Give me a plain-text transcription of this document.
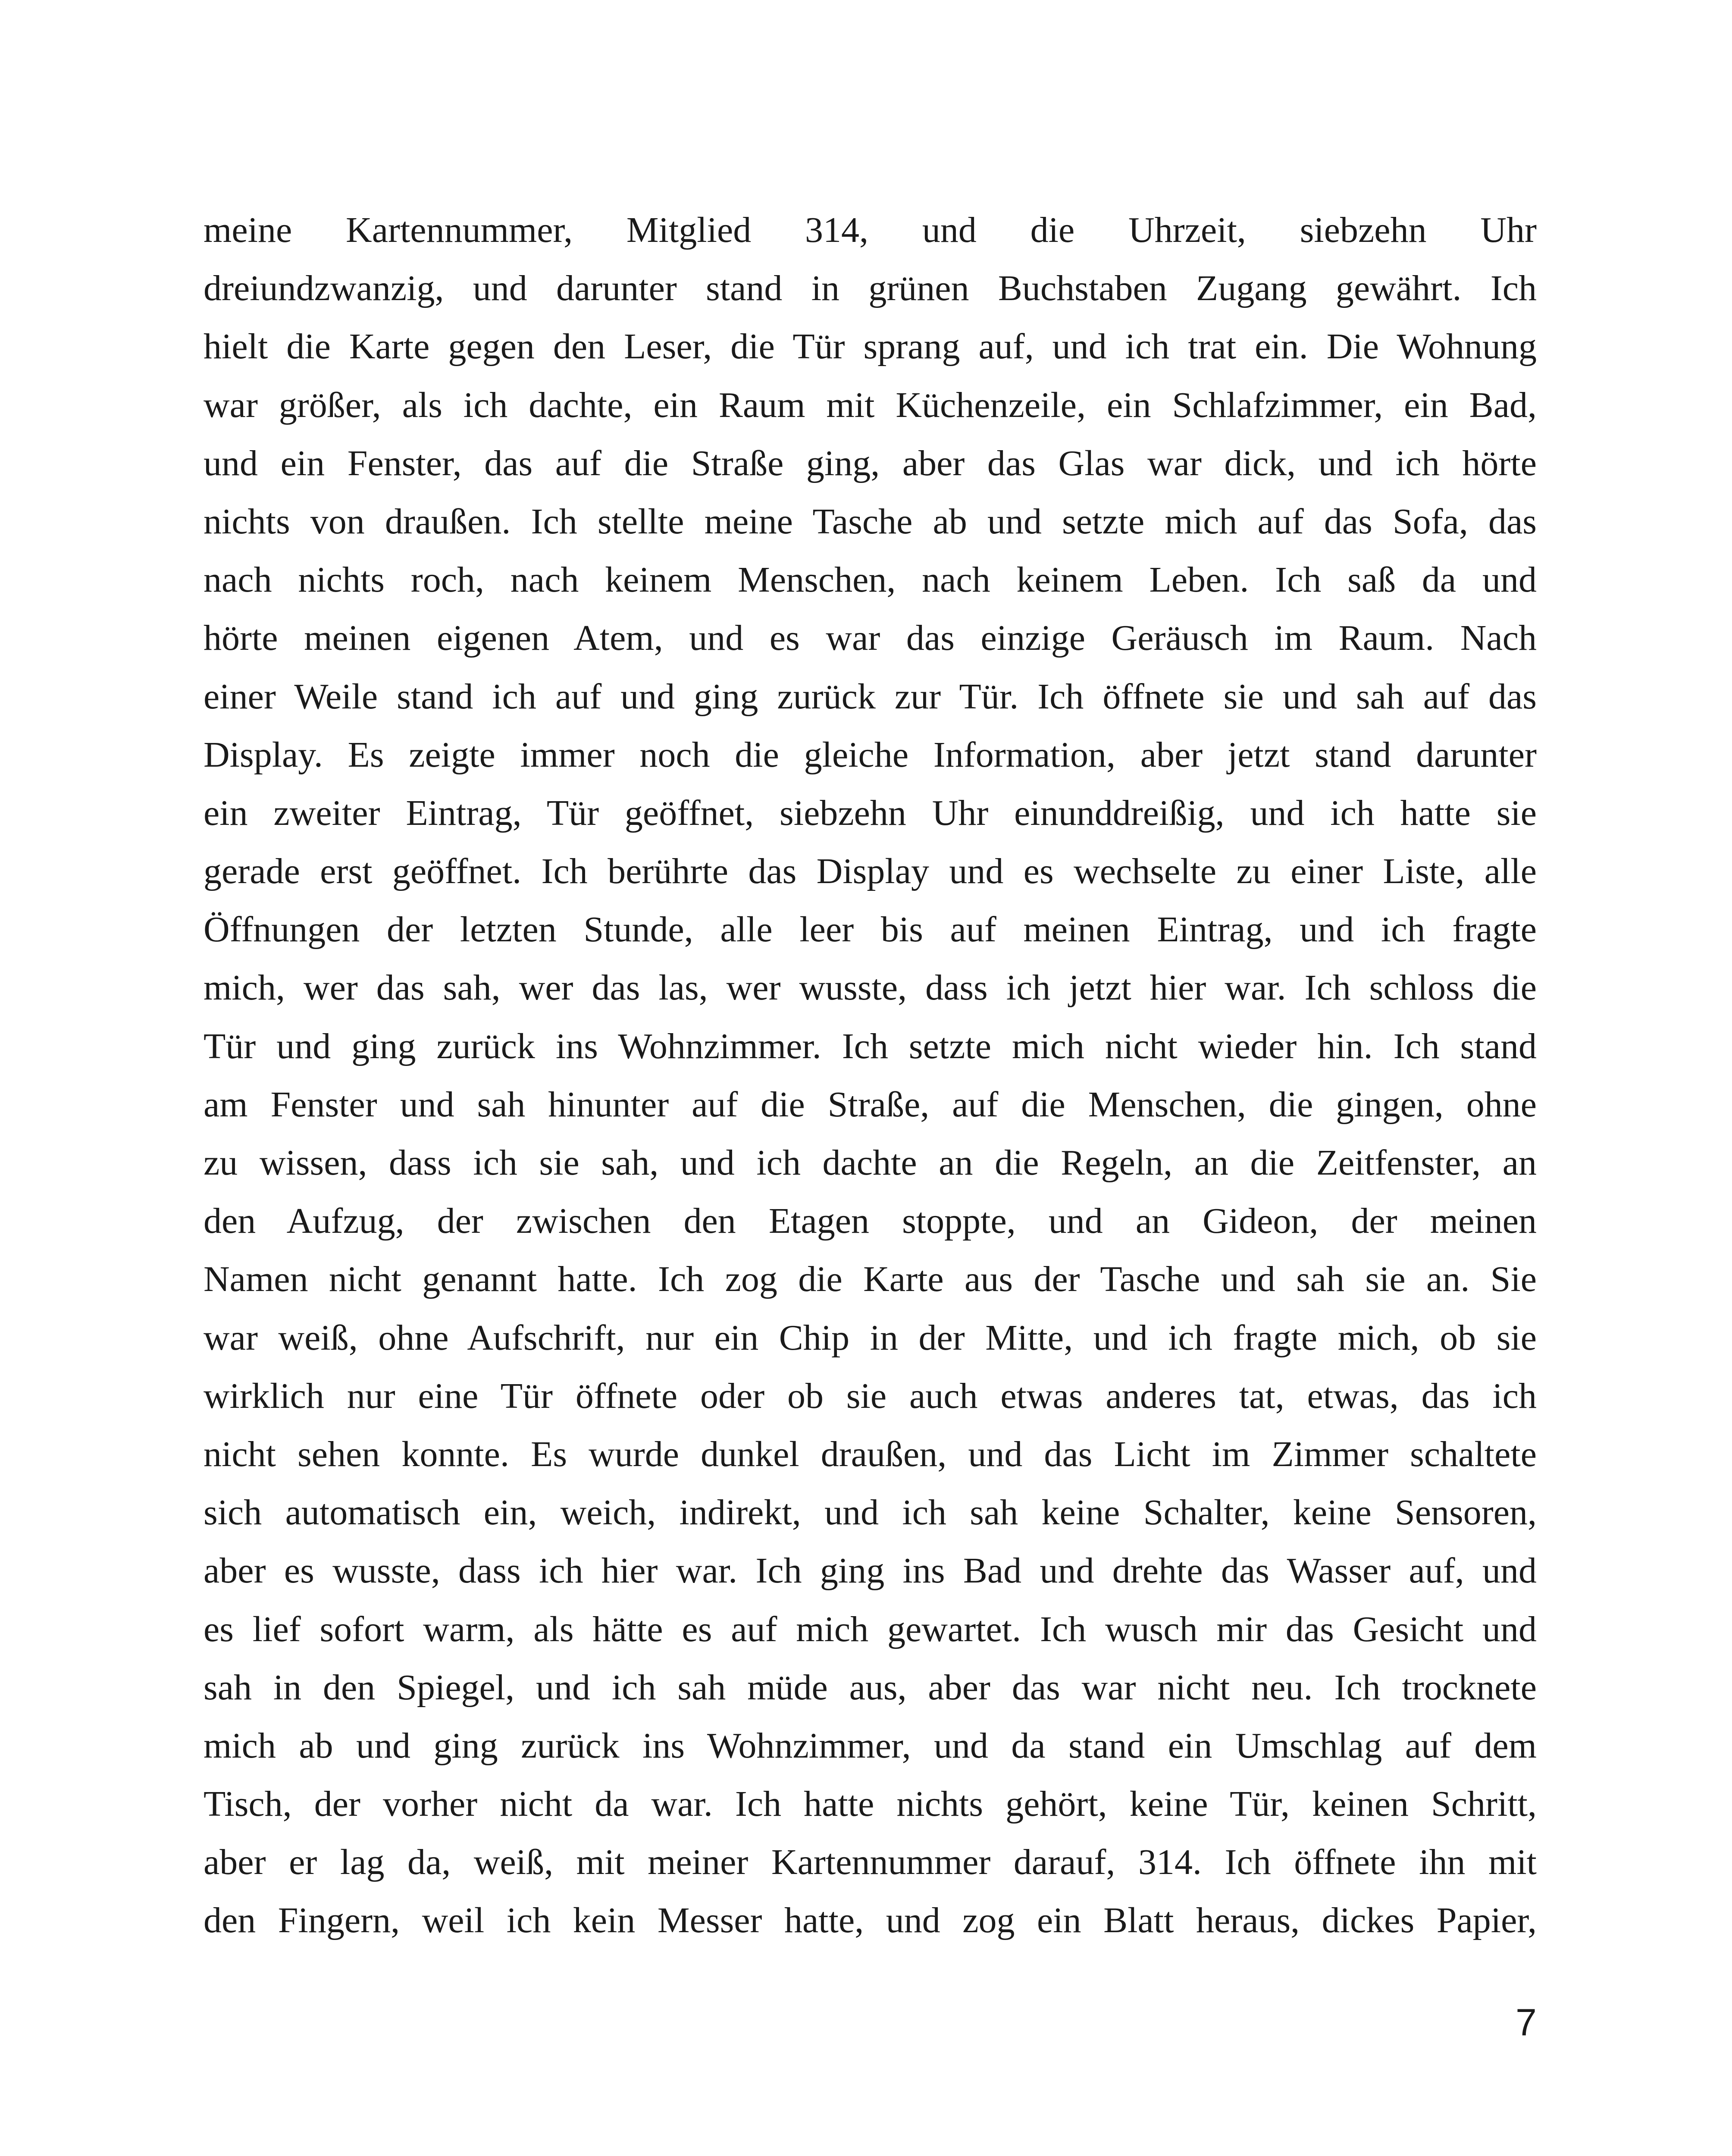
meine Kartennummer, Mitglied 314, und die Uhrzeit, siebzehn Uhr
dreiundzwanzig, und darunter stand in grünen Buchstaben Zugang gewährt. Ich
hielt die Karte gegen den Leser, die Tür sprang auf, und ich trat ein. Die Wohnung
war größer, als ich dachte, ein Raum mit Küchenzeile, ein Schlafzimmer, ein Bad,
und ein Fenster, das auf die Straße ging, aber das Glas war dick, und ich hörte
nichts von draußen. Ich stellte meine Tasche ab und setzte mich auf das Sofa, das
nach nichts roch, nach keinem Menschen, nach keinem Leben. Ich saß da und
hörte meinen eigenen Atem, und es war das einzige Geräusch im Raum. Nach
einer Weile stand ich auf und ging zurück zur Tür. Ich öffnete sie und sah auf das
Display. Es zeigte immer noch die gleiche Information, aber jetzt stand darunter
ein zweiter Eintrag, Tür geöffnet, siebzehn Uhr einunddreißig, und ich hatte sie
gerade erst geöffnet. Ich berührte das Display und es wechselte zu einer Liste, alle
Öffnungen der letzten Stunde, alle leer bis auf meinen Eintrag, und ich fragte
mich, wer das sah, wer das las, wer wusste, dass ich jetzt hier war. Ich schloss die
Tür und ging zurück ins Wohnzimmer. Ich setzte mich nicht wieder hin. Ich stand
am Fenster und sah hinunter auf die Straße, auf die Menschen, die gingen, ohne
zu wissen, dass ich sie sah, und ich dachte an die Regeln, an die Zeitfenster, an
den Aufzug, der zwischen den Etagen stoppte, und an Gideon, der meinen
Namen nicht genannt hatte. Ich zog die Karte aus der Tasche und sah sie an. Sie
war weiß, ohne Aufschrift, nur ein Chip in der Mitte, und ich fragte mich, ob sie
wirklich nur eine Tür öffnete oder ob sie auch etwas anderes tat, etwas, das ich
nicht sehen konnte. Es wurde dunkel draußen, und das Licht im Zimmer schaltete
sich automatisch ein, weich, indirekt, und ich sah keine Schalter, keine Sensoren,
aber es wusste, dass ich hier war. Ich ging ins Bad und drehte das Wasser auf, und
es lief sofort warm, als hätte es auf mich gewartet. Ich wusch mir das Gesicht und
sah in den Spiegel, und ich sah müde aus, aber das war nicht neu. Ich trocknete
mich ab und ging zurück ins Wohnzimmer, und da stand ein Umschlag auf dem
Tisch, der vorher nicht da war. Ich hatte nichts gehört, keine Tür, keinen Schritt,
aber er lag da, weiß, mit meiner Kartennummer darauf, 314. Ich öffnete ihn mit
den Fingern, weil ich kein Messer hatte, und zog ein Blatt heraus, dickes Papier,
7
